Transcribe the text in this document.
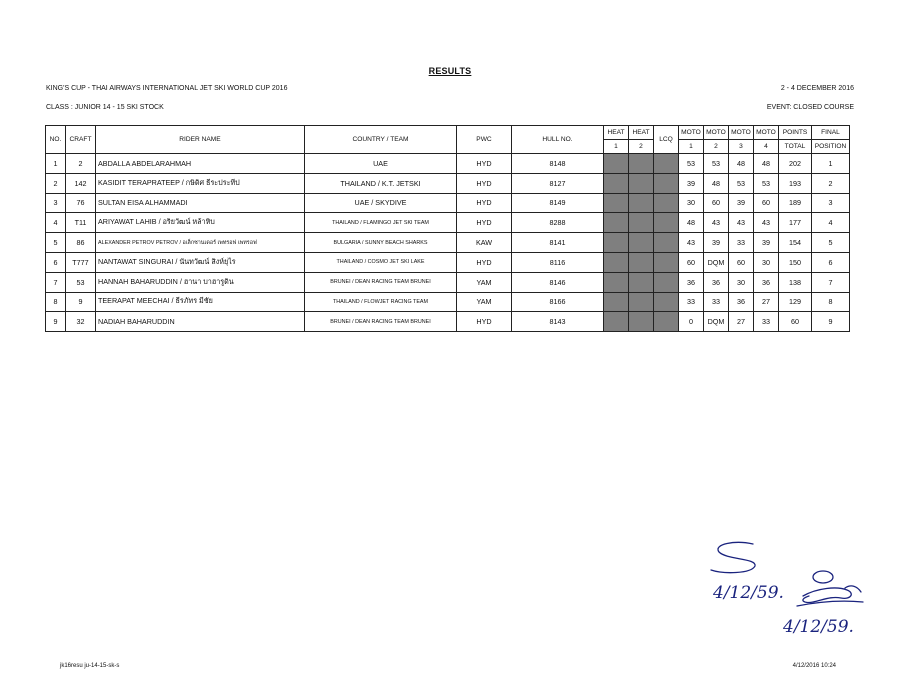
RESULTS
KING'S CUP - THAI AIRWAYS INTERNATIONAL JET SKI WORLD CUP 2016	2 - 4 DECEMBER 2016
CLASS : JUNIOR 14 - 15 SKI STOCK	EVENT: CLOSED COURSE
NO.	CRAFT	RIDER NAME	COUNTRY / TEAM	PWC	HULL NO.	HEAT	HEAT	LCQ	MOTO	MOTO	MOTO	MOTO	POINTS	FINAL
						1	2		1	2	3	4	TOTAL	POSITION
1	2	ABDALLA ABDELARAHMAH	UAE	HYD	8148				53	53	48	48	202	1
2	142	KASIDIT TERAPRATEEP / กษิดิศ ธีระประทีป	THAILAND / K.T. JETSKI	HYD	8127				39	48	53	53	193	2
3	76	SULTAN EISA ALHAMMADI	UAE / SKYDIVE	HYD	8149				30	60	39	60	189	3
4	T11	ARIYAWAT LAHIB / อริยวัฒน์ หล้าหิบ	THAILAND / FLAMINGO JET SKI TEAM	HYD	8288				48	43	43	43	177	4
5	86	ALEXANDER PETROV PETROV / อเล็กซานเดอร์ เพทรอฟ เพทรอฟ	BULGARIA / SUNNY BEACH SHARKS	KAW	8141				43	39	33	39	154	5
6	T777	NANTAWAT SINGURAI / นันทวัฒน์ สิงห์ยุไร	THAILAND / COSMO JET SKI LAKE	HYD	8116				60	DQM	60	30	150	6
7	53	HANNAH BAHARUDDIN / ฮานา บาฮารูดิน	BRUNEI / DEAN RACING TEAM BRUNEI	YAM	8146				36	36	30	36	138	7
8	9	TEERAPAT MEECHAI / ธีรภัทร มีชัย	THAILAND / FLOWJET RACING TEAM	YAM	8166				33	33	36	27	129	8
9	32	NADIAH BAHARUDDIN	BRUNEI / DEAN RACING TEAM BRUNEI	HYD	8143				0	DQM	27	33	60	9
4/12/59.
4/12/59.
jk16resu ju-14-15-sk-s	4/12/2016 10:24
